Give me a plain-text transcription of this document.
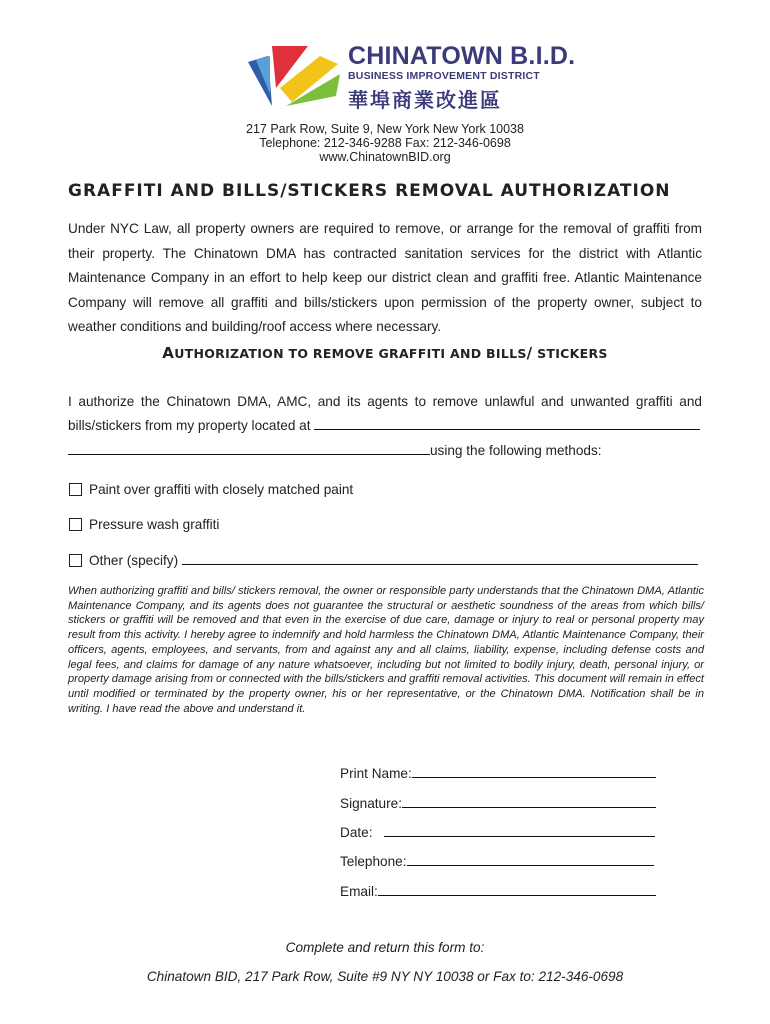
CHINATOWN B.I.D.
BUSINESS IMPROVEMENT DISTRICT
華埠商業改進區
217 Park Row, Suite 9, New York New York 10038
Telephone: 212-346-9288 Fax: 212-346-0698
www.ChinatownBID.org
GRAFFITI AND BILLS/STICKERS REMOVAL AUTHORIZATION
Under NYC Law, all property owners are required to remove, or arrange for the removal of graffiti from their property. The Chinatown DMA has contracted sanitation services for the district with Atlantic Maintenance Company in an effort to help keep our district clean and graffiti free. Atlantic Maintenance Company will remove all graffiti and bills/stickers upon permission of the property owner, subject to weather conditions and building/roof access where necessary.
AUTHORIZATION TO REMOVE GRAFFITI AND BILLS/ STICKERS
I authorize the Chinatown DMA, AMC, and its agents to remove unlawful and unwanted graffiti and bills/stickers from my property located at
using the following methods:
Paint over graffiti with closely matched paint
Pressure wash graffiti
Other (specify)
When authorizing graffiti and bills/ stickers removal, the owner or responsible party understands that the Chinatown DMA, Atlantic Maintenance Company, and its agents does not guarantee the structural or aesthetic soundness of the areas from which bills/ stickers or graffiti will be removed and that even in the exercise of due care, damage or injury to real or personal property may result from this activity. I hereby agree to indemnify and hold harmless the Chinatown DMA, Atlantic Maintenance Company, their officers, agents, employees, and servants, from and against any and all claims, liability, expense, including defense costs and legal fees, and claims for damage of any nature whatsoever, including but not limited to bodily injury, death, personal injury, or property damage arising from or connected with the bills/stickers and graffiti removal activities. This document will remain in effect until modified or terminated by the property owner, his or her representative, or the Chinatown DMA. Notification shall be in writing. I have read the above and understand it.
Print Name:
Signature:
Date:
Telephone:
Email:
Complete and return this form to:
Chinatown BID, 217 Park Row, Suite #9 NY NY 10038 or Fax to: 212-346-0698
